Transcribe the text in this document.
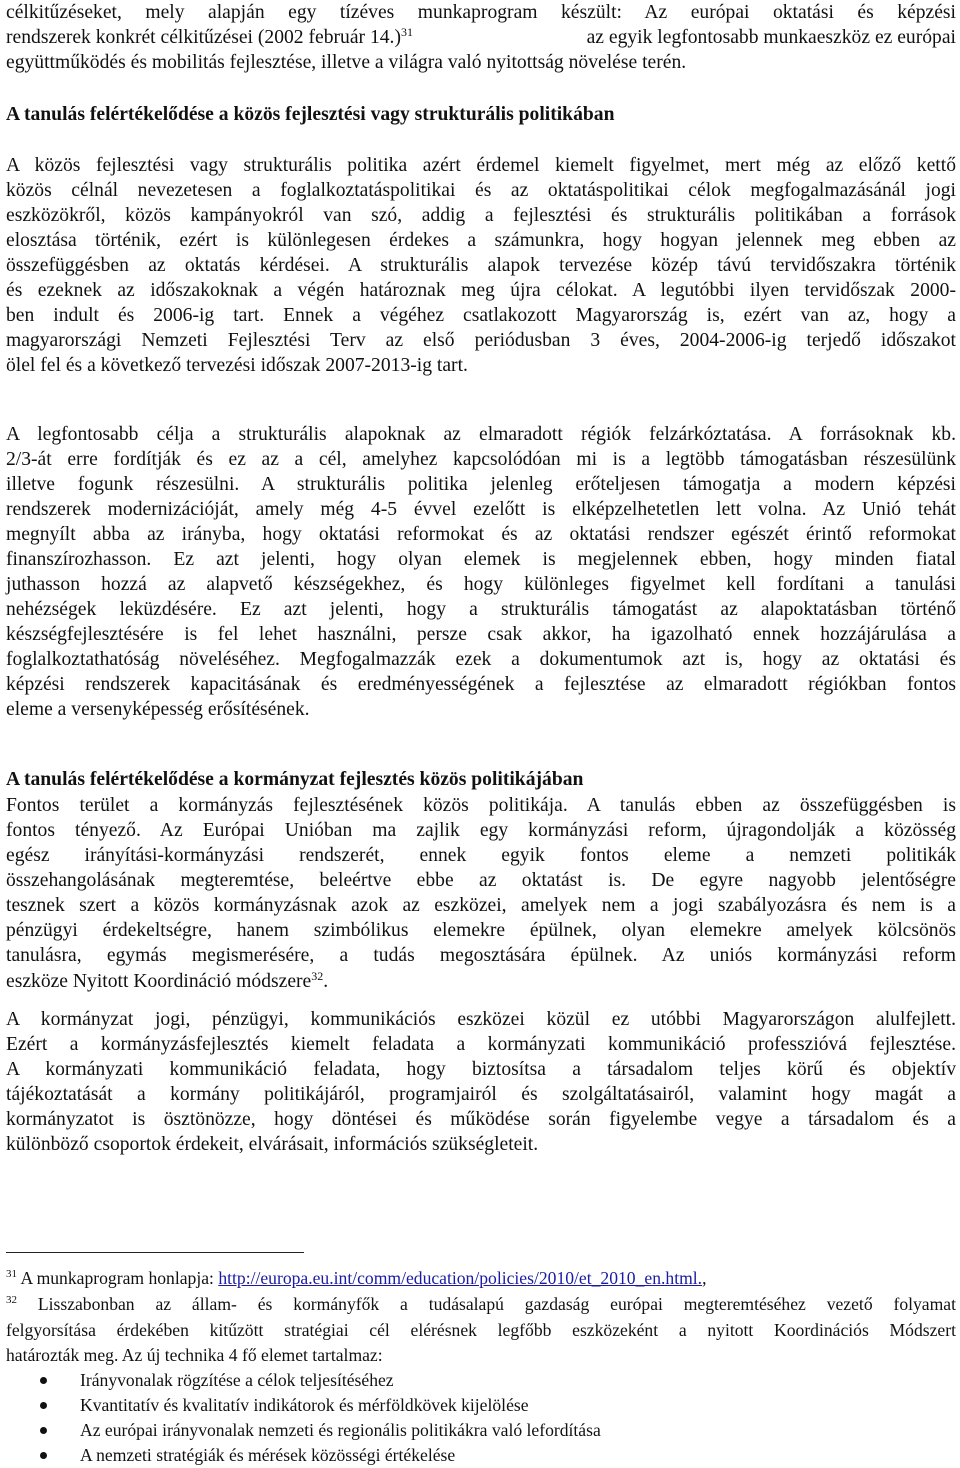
célkitűzéseket, mely alapján egy tízéves munkaprogram készült: Az európai oktatási és képzési
rendszerek konkrét célkitűzései (2002 február 14.)$^{31}$	az egyik legfontosabb munkaeszköz ez európai
együttműködés és mobilitás fejlesztése, illetve a világra való nyitottság növelése terén.
A tanulás felértékelődése a közös fejlesztési vagy strukturális politikában
A közös fejlesztési vagy strukturális politika azért érdemel kiemelt figyelmet, mert még az előző kettő
közös célnál nevezetesen a foglalkoztatáspolitikai és az oktatáspolitikai célok megfogalmazásánál jogi
eszközökről, közös kampányokról van szó, addig a fejlesztési és strukturális politikában a források
elosztása történik, ezért is különlegesen érdekes a számunkra, hogy hogyan jelennek meg ebben az
összefüggésben az oktatás kérdései. A strukturális alapok tervezése közép távú tervidőszakra történik
és ezeknek az időszakoknak a végén határoznak meg újra célokat. A legutóbbi ilyen tervidőszak 2000-
ben indult és 2006-ig tart. Ennek a végéhez csatlakozott Magyarország is, ezért van az, hogy a
magyarországi Nemzeti Fejlesztési Terv az első periódusban 3 éves, 2004-2006-ig terjedő időszakot
ölel fel és a következő tervezési időszak 2007-2013-ig tart.
A legfontosabb célja a strukturális alapoknak az elmaradott régiók felzárkóztatása. A forrásoknak kb.
2/3-át erre fordítják és ez az a cél, amelyhez kapcsolódóan mi is a legtöbb támogatásban részesülünk
illetve fogunk részesülni. A strukturális politika jelenleg erőteljesen támogatja a modern képzési
rendszerek modernizációját, amely még 4-5 évvel ezelőtt is elképzelhetetlen lett volna. Az Unió tehát
megnyílt abba az irányba, hogy oktatási reformokat és az oktatási rendszer egészét érintő reformokat
finanszírozhasson. Ez azt jelenti, hogy olyan elemek is megjelennek ebben, hogy minden fiatal
juthasson hozzá az alapvető készségekhez, és hogy különleges figyelmet kell fordítani a tanulási
nehézségek leküzdésére. Ez azt jelenti, hogy a strukturális támogatást az alapoktatásban történő
készségfejlesztésére is fel lehet használni, persze csak akkor, ha igazolható ennek hozzájárulása a
foglalkoztathatóság növeléséhez. Megfogalmazzák ezek a dokumentumok azt is, hogy az oktatási és
képzési rendszerek kapacitásának és eredményességének a fejlesztése az elmaradott régiókban fontos
eleme a versenyképesség erősítésének.
A tanulás felértékelődése a kormányzat fejlesztés közös politikájában
Fontos terület a kormányzás fejlesztésének közös politikája. A tanulás ebben az összefüggésben is
fontos tényező. Az Európai Unióban ma zajlik egy kormányzási reform, újragondolják a közösség
egész irányítási-kormányzási rendszerét, ennek egyik fontos eleme a nemzeti politikák
összehangolásának megteremtése, beleértve ebbe az oktatást is. De egyre nagyobb jelentőségre
tesznek szert a közös kormányzásnak azok az eszközei, amelyek nem a jogi szabályozásra és nem is a
pénzügyi érdekeltségre, hanem szimbólikus elemekre épülnek, olyan elemekre amelyek kölcsönös
tanulásra, egymás megismerésére, a tudás megosztására épülnek. Az uniós kormányzási reform
eszköze Nyitott Koordináció módszere$^{32}$.
A kormányzat jogi, pénzügyi, kommunikációs eszközei közül ez utóbbi Magyarországon alulfejlett.
Ezért a kormányzásfejlesztés kiemelt feladata a kormányzati kommunikáció professzióvá fejlesztése.
A kormányzati kommunikáció feladata, hogy biztosítsa a társadalom teljes körű és objektív
tájékoztatását a kormány politikájáról, programjairól és szolgáltatásairól, valamint hogy magát a
kormányzatot is ösztönözze, hogy döntései és működése során figyelembe vegye a társadalom és a
különböző csoportok érdekeit, elvárásait, információs szükségleteit.
$^{31}$ A munkaprogram honlapja: http://europa.eu.int/comm/education/policies/2010/et_2010_en.html.,
$^{32}$ Lisszabonban az állam- és kormányfők a tudásalapú gazdaság európai megteremtéséhez vezető folyamat
felgyorsítása érdekében kitűzött stratégiai cél elérésnek legfőbb eszközeként a nyitott Koordinációs Módszert
határozták meg. Az új technika 4 fő elemet tartalmaz:
Irányvonalak rögzítése a célok teljesítéséhez
Kvantitatív és kvalitatív indikátorok és mérföldkövek kijelölése
Az európai irányvonalak nemzeti és regionális politikákra való lefordítása
A nemzeti stratégiák és mérések közösségi értékelése
